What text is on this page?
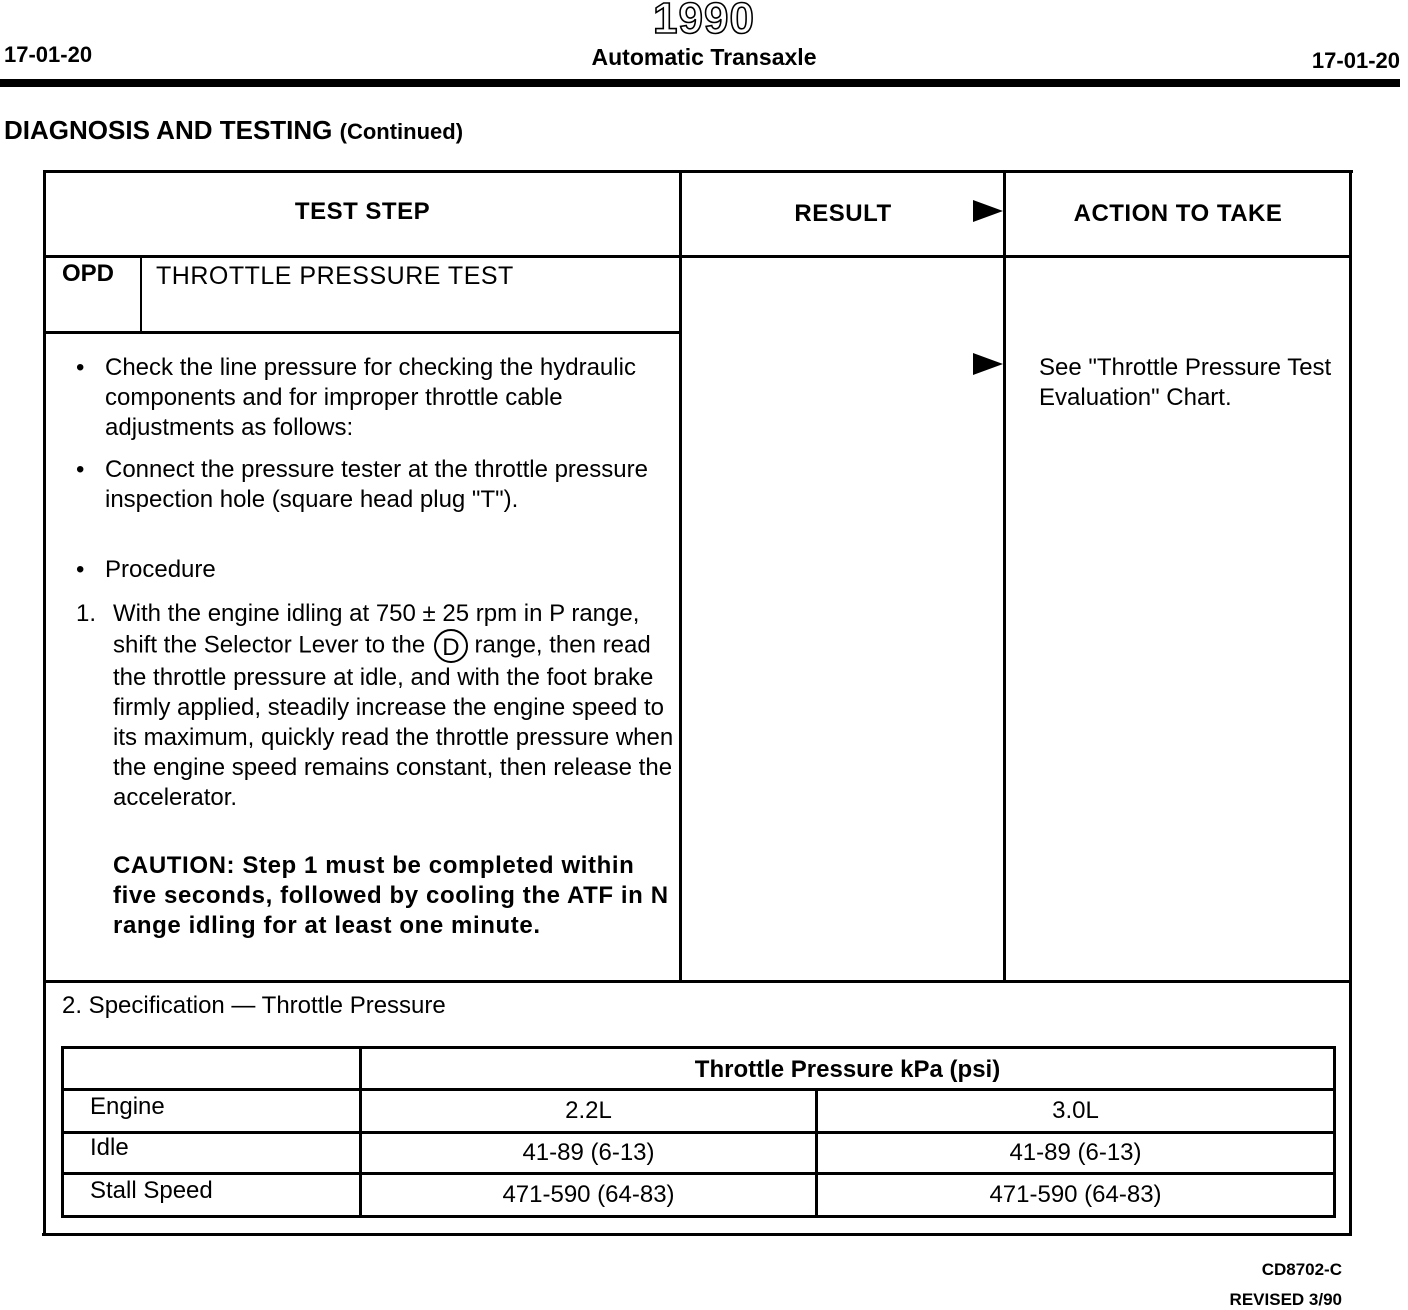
1990
17-01-20	Automatic Transaxle	17-01-20
DIAGNOSIS AND TESTING (Continued)
TEST STEP	RESULT	ACTION TO TAKE
OPD THROTTLE PRESSURE TEST
• Check the line pressure for checking the hydraulic components and for improper throttle cable adjustments as follows:
• Connect the pressure tester at the throttle pressure inspection hole (square head plug "T").
• Procedure
1. With the engine idling at 750 ± 25 rpm in P range, shift the Selector Lever to the D range, then read the throttle pressure at idle, and with the foot brake firmly applied, steadily increase the engine speed to its maximum, quickly read the throttle pressure when the engine speed remains constant, then release the accelerator.
CAUTION: Step 1 must be completed within five seconds, followed by cooling the ATF in N range idling for at least one minute.
See "Throttle Pressure Test Evaluation" Chart.
2. Specification — Throttle Pressure
Throttle Pressure kPa (psi)
Engine	2.2L	3.0L
Idle	41-89 (6-13)	41-89 (6-13)
Stall Speed	471-590 (64-83)	471-590 (64-83)
CD8702-C
REVISED 3/90
